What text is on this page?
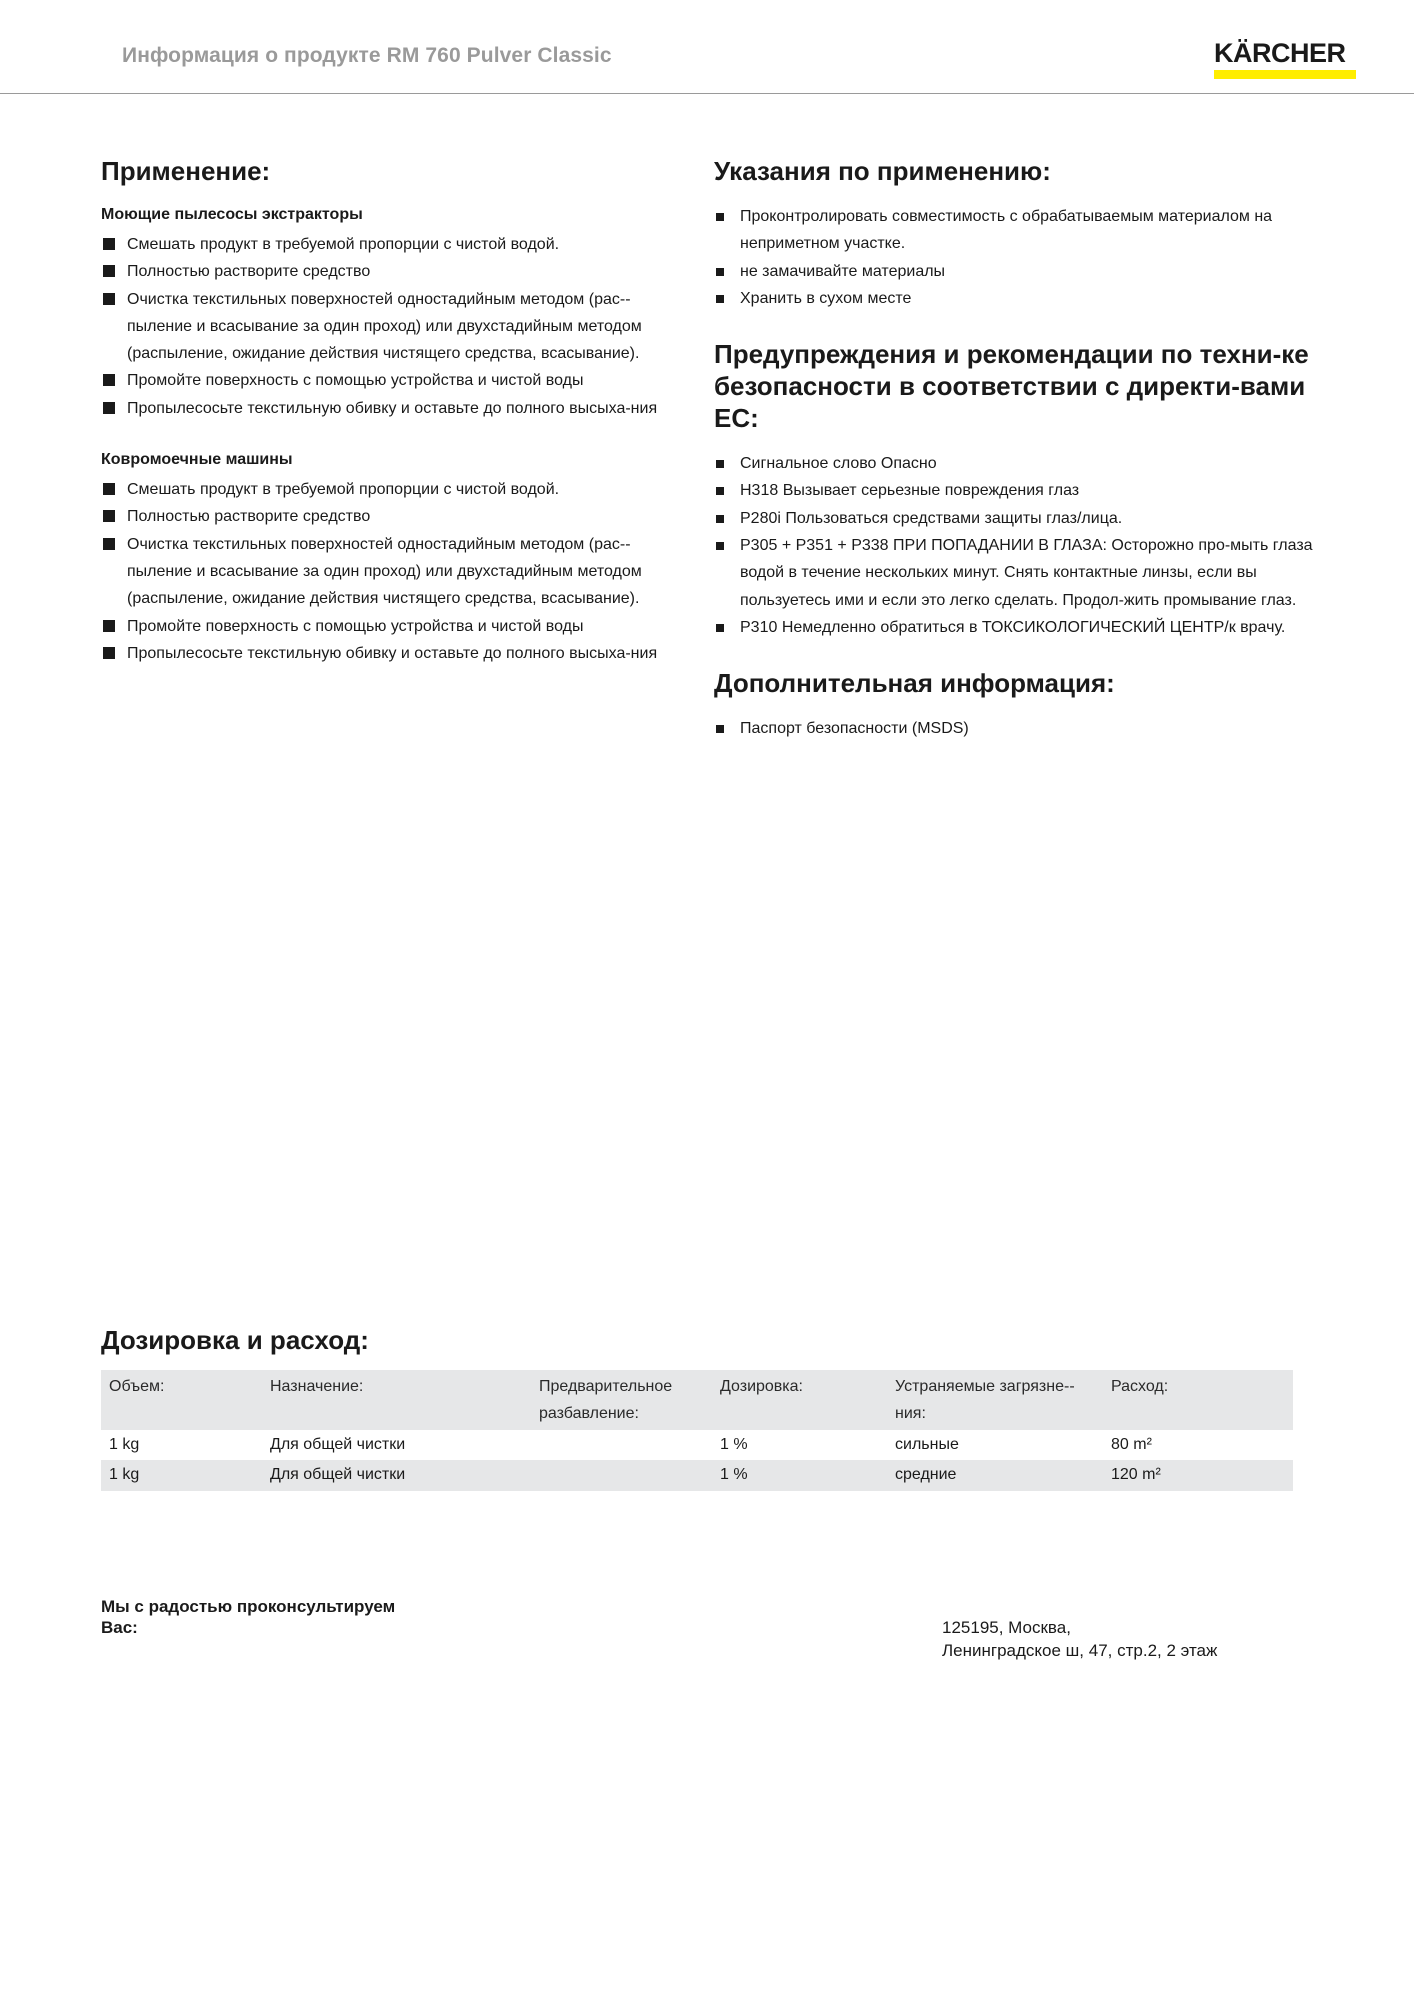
Информация о продукте RM 760 Pulver Classic	KÄRCHER
Применение:
Моющие пылесосы экстракторы
Смешать продукт в требуемой пропорции с чистой водой.
Полностью растворите средство
Очистка текстильных поверхностей одностадийным методом (рас-пыление и всасывание за один проход) или двухстадийным методом (распыление, ожидание действия чистящего средства, всасывание).
Промойте поверхность с помощью устройства и чистой воды
Пропылесосьте текстильную обивку и оставьте до полного высыха-ния
Ковромоечные машины
Смешать продукт в требуемой пропорции с чистой водой.
Полностью растворите средство
Очистка текстильных поверхностей одностадийным методом (рас-пыление и всасывание за один проход) или двухстадийным методом (распыление, ожидание действия чистящего средства, всасывание).
Промойте поверхность с помощью устройства и чистой воды
Пропылесосьте текстильную обивку и оставьте до полного высыха-ния
Указания по применению:
Проконтролировать совместимость с обрабатываемым материалом на неприметном участке.
не замачивайте материалы
Хранить в сухом месте
Предупреждения и рекомендации по техни-ке безопасности в соответствии с директи-вами ЕС:
Сигнальное слово Опасно
H318 Вызывает серьезные повреждения глаз
P280i Пользоваться средствами защиты глаз/лица.
P305 + P351 + P338 ПРИ ПОПАДАНИИ В ГЛАЗА: Осторожно про-мыть глаза водой в течение нескольких минут. Снять контактные линзы, если вы пользуетесь ими и если это легко сделать. Продол-жить промывание глаз.
P310 Немедленно обратиться в ТОКСИКОЛОГИЧЕСКИЙ ЦЕНТР/к врачу.
Дополнительная информация:
Паспорт безопасности (MSDS)
Дозировка и расход:
Объем:	Назначение:	Предварительное разбавление:	Дозировка:	Устраняемые загрязне-ния:	Расход:
1 kg	Для общей чистки		1 %	сильные	80 m²
1 kg	Для общей чистки		1 %	средние	120 m²
Мы с радостью проконсультируем Вас:	125195, Москва,
Ленинградское ш, 47, стр.2, 2 этаж
